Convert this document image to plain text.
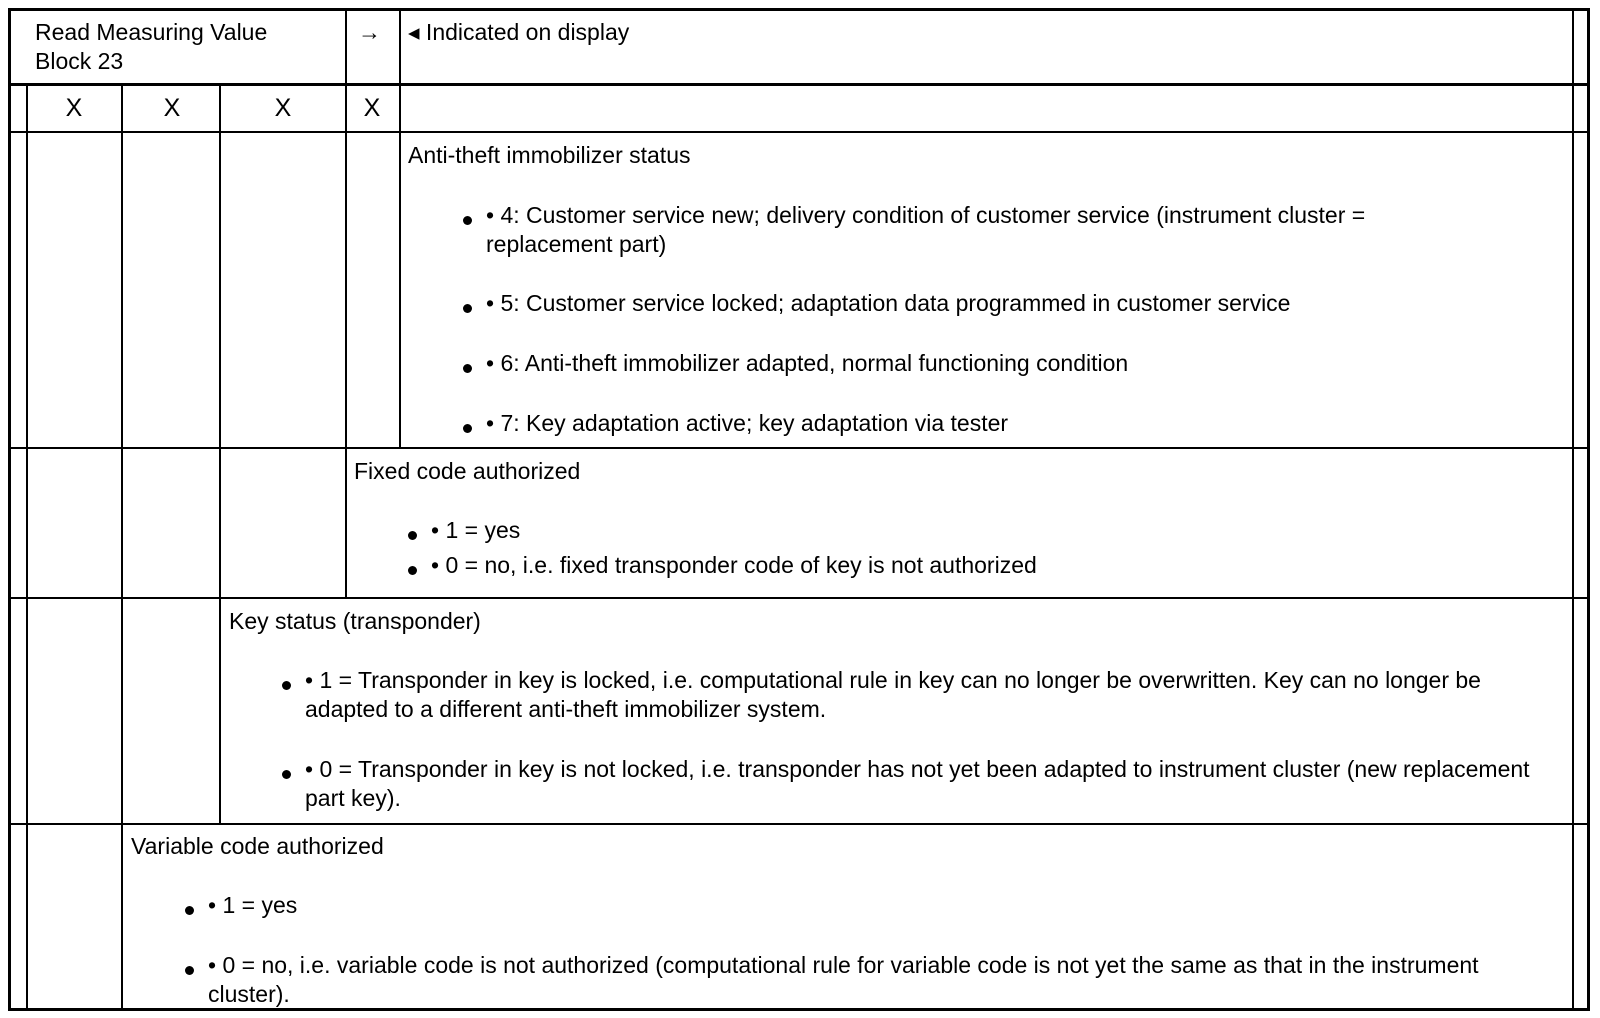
Read Measuring Value
Block 23
→ ◂ Indicated on display
X	X	X	X
Anti-theft immobilizer status
• 4: Customer service new; delivery condition of customer service (instrument cluster = replacement part)
• 5: Customer service locked; adaptation data programmed in customer service
• 6: Anti-theft immobilizer adapted, normal functioning condition
• 7: Key adaptation active; key adaptation via tester
Fixed code authorized
• 1 = yes
• 0 = no, i.e. fixed transponder code of key is not authorized
Key status (transponder)
• 1 = Transponder in key is locked, i.e. computational rule in key can no longer be overwritten. Key can no longer be adapted to a different anti-theft immobilizer system.
• 0 = Transponder in key is not locked, i.e. transponder has not yet been adapted to instrument cluster (new replacement part key).
Variable code authorized
• 1 = yes
• 0 = no, i.e. variable code is not authorized (computational rule for variable code is not yet the same as that in the instrument cluster).
